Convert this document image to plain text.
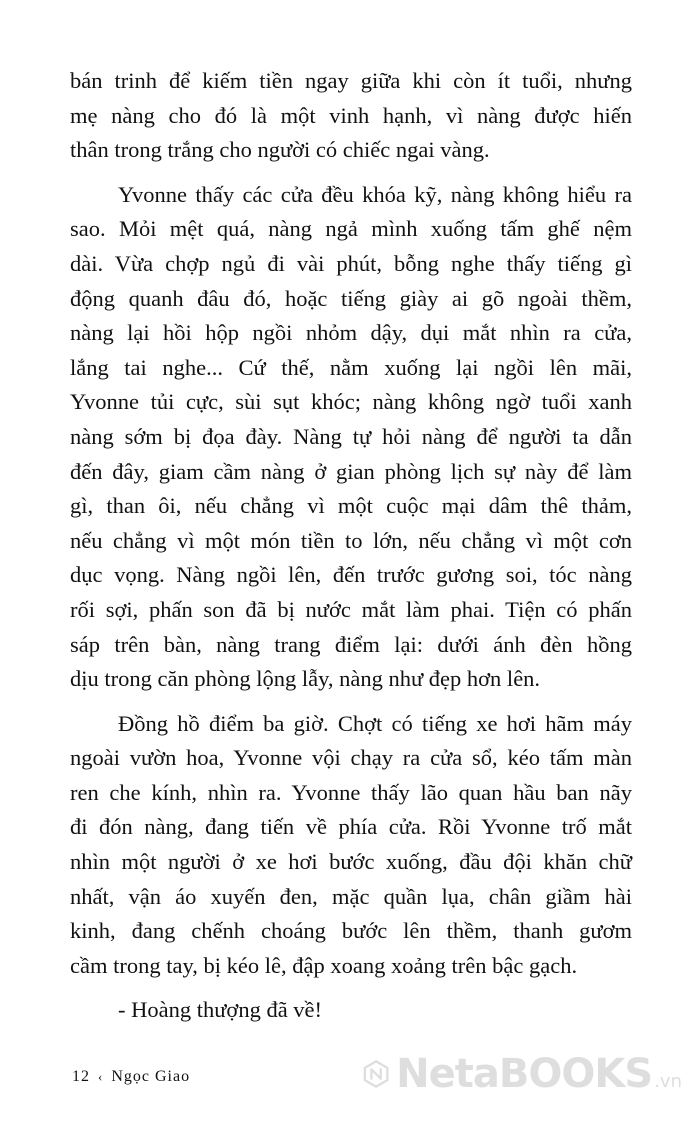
bán trinh để kiếm tiền ngay giữa khi còn ít tuổi, nhưng
mẹ nàng cho đó là một vinh hạnh, vì nàng được hiến
thân trong trắng cho người có chiếc ngai vàng.
Yvonne thấy các cửa đều khóa kỹ, nàng không hiểu ra
sao. Mỏi mệt quá, nàng ngả mình xuống tấm ghế nệm
dài. Vừa chợp ngủ đi vài phút, bỗng nghe thấy tiếng gì
động quanh đâu đó, hoặc tiếng giày ai gõ ngoài thềm,
nàng lại hồi hộp ngồi nhỏm dậy, dụi mắt nhìn ra cửa,
lắng tai nghe... Cứ thế, nằm xuống lại ngồi lên mãi,
Yvonne tủi cực, sùi sụt khóc; nàng không ngờ tuổi xanh
nàng sớm bị đọa đày. Nàng tự hỏi nàng để người ta dẫn
đến đây, giam cầm nàng ở gian phòng lịch sự này để làm
gì, than ôi, nếu chẳng vì một cuộc mại dâm thê thảm,
nếu chẳng vì một món tiền to lớn, nếu chẳng vì một cơn
dục vọng. Nàng ngồi lên, đến trước gương soi, tóc nàng
rối sợi, phấn son đã bị nước mắt làm phai. Tiện có phấn
sáp trên bàn, nàng trang điểm lại: dưới ánh đèn hồng
dịu trong căn phòng lộng lẫy, nàng như đẹp hơn lên.
Đồng hồ điểm ba giờ. Chợt có tiếng xe hơi hãm máy
ngoài vườn hoa, Yvonne vội chạy ra cửa sổ, kéo tấm màn
ren che kính, nhìn ra. Yvonne thấy lão quan hầu ban nãy
đi đón nàng, đang tiến về phía cửa. Rồi Yvonne trố mắt
nhìn một người ở xe hơi bước xuống, đầu đội khăn chữ
nhất, vận áo xuyến đen, mặc quần lụa, chân giầm hài
kinh, đang chếnh choáng bước lên thềm, thanh gươm
cầm trong tay, bị kéo lê, đập xoang xoảng trên bậc gạch.
- Hoàng thượng đã về!
12 ‹ Ngọc Giao	NetaBOOKS .vn
